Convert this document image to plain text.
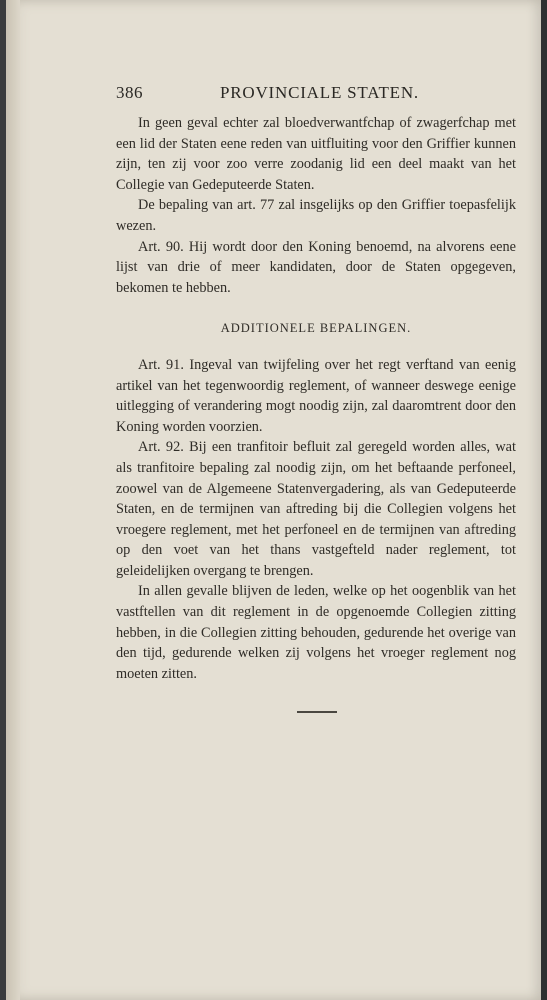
386	PROVINCIALE STATEN.

In geen geval echter zal bloedverwantfchap of zwagerfchap met een lid der Staten eene reden van uitfluiting voor den Griffier kunnen zijn, ten zij voor zoo verre zoodanig lid een deel maakt van het Collegie van Gedeputeerde Staten.

De bepaling van art. 77 zal insgelijks op den Griffier toepasfelijk wezen.

Art. 90. Hij wordt door den Koning benoemd, na alvorens eene lijst van drie of meer kandidaten, door de Staten opgegeven, bekomen te hebben.

ADDITIONELE BEPALINGEN.

Art. 91. Ingeval van twijfeling over het regt verftand van eenig artikel van het tegenwoordig reglement, of wanneer deswege eenige uitlegging of verandering mogt noodig zijn, zal daaromtrent door den Koning worden voorzien.

Art. 92. Bij een tranfitoir befluit zal geregeld worden alles, wat als tranfitoire bepaling zal noodig zijn, om het beftaande perfoneel, zoowel van de Algemeene Statenvergadering, als van Gedeputeerde Staten, en de termijnen van aftreding bij die Collegien volgens het vroegere reglement, met het perfoneel en de termijnen van aftreding op den voet van het thans vastgefteld nader reglement, tot geleidelijken overgang te brengen.

In allen gevalle blijven de leden, welke op het oogenblik van het vastftellen van dit reglement in de opgenoemde Collegien zitting hebben, in die Collegien zitting behouden, gedurende het overige van den tijd, gedurende welken zij volgens het vroeger reglement nog moeten zitten.
